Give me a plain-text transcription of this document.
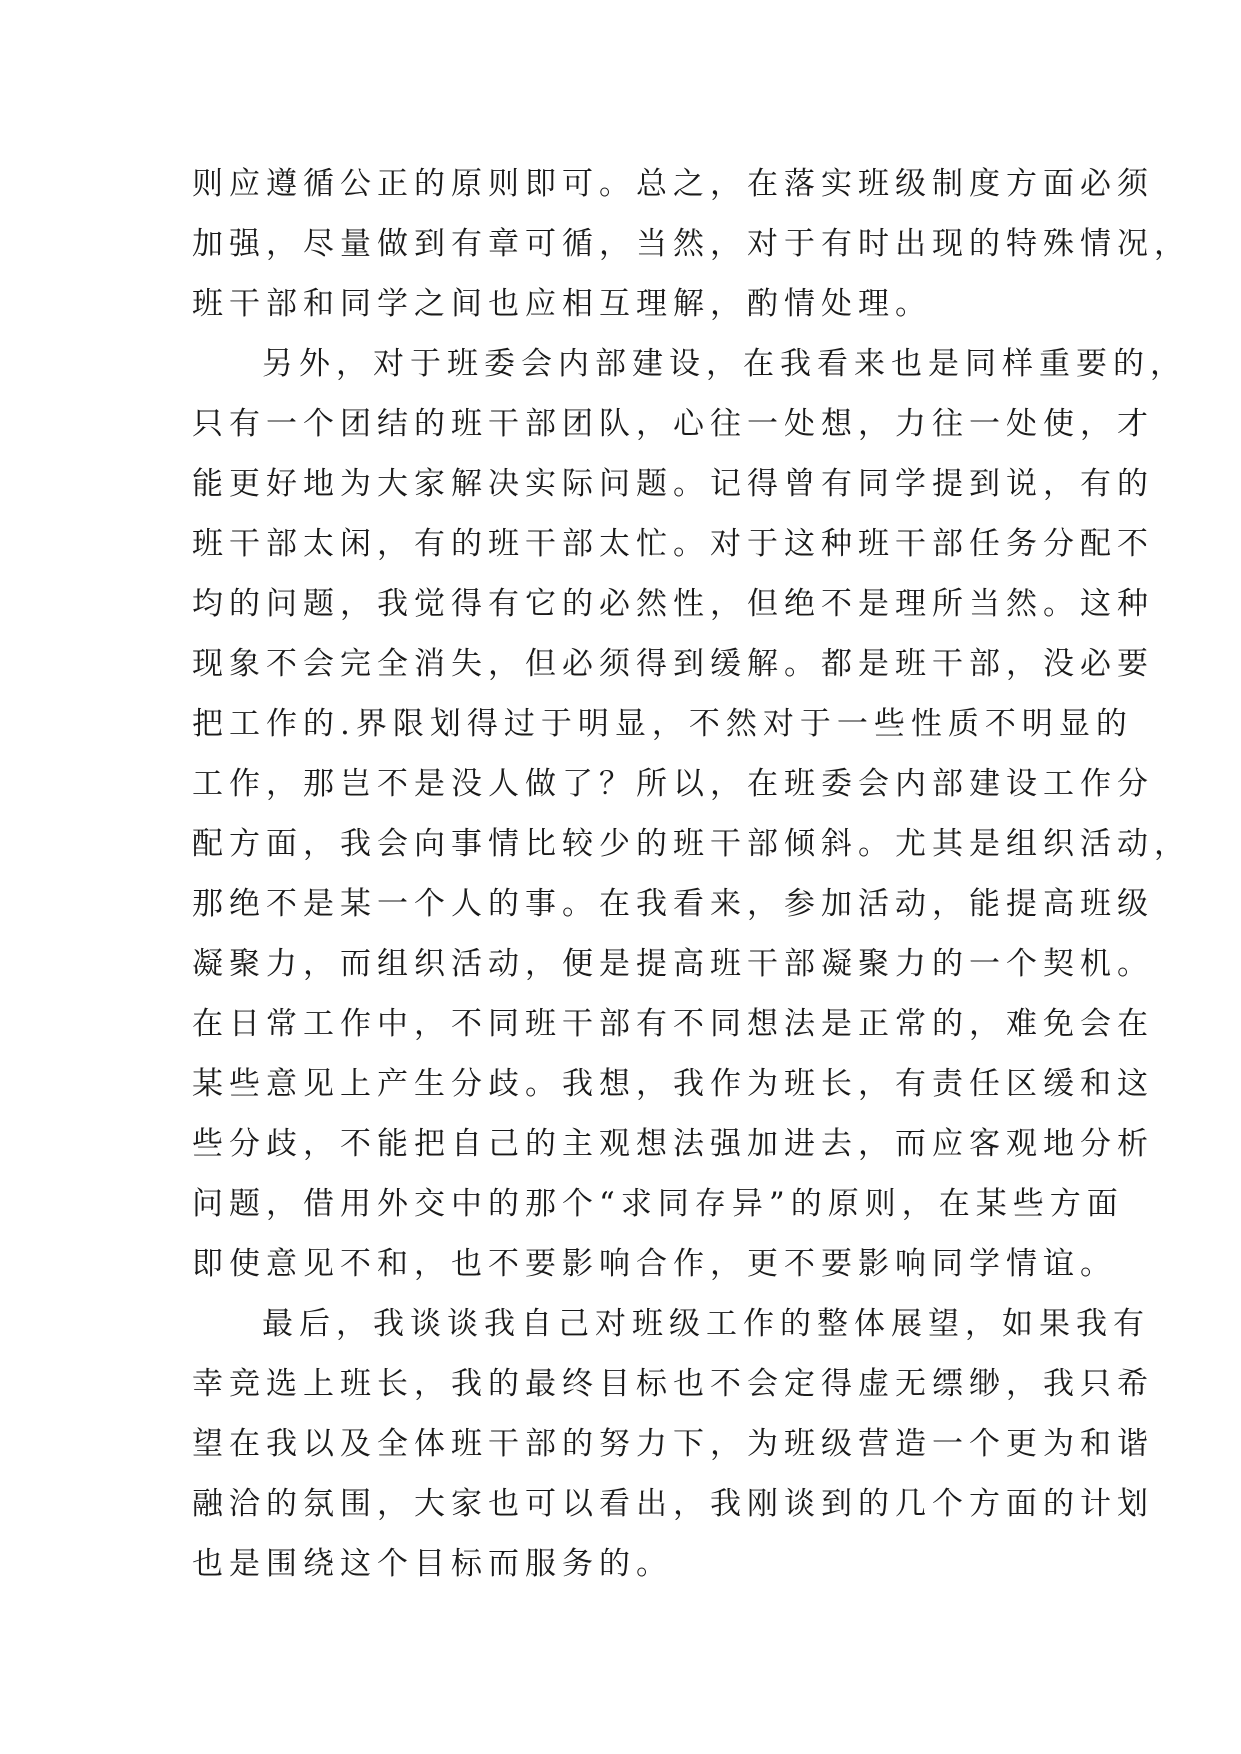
则应遵循公正的原则即可。总之，在落实班级制度方面必须
加强，尽量做到有章可循，当然，对于有时出现的特殊情况，
班干部和同学之间也应相互理解，酌情处理。
另外，对于班委会内部建设，在我看来也是同样重要的，
只有一个团结的班干部团队，心往一处想，力往一处使，才
能更好地为大家解决实际问题。记得曾有同学提到说，有的
班干部太闲，有的班干部太忙。对于这种班干部任务分配不
均的问题，我觉得有它的必然性，但绝不是理所当然。这种
现象不会完全消失，但必须得到缓解。都是班干部，没必要
把工作的.界限划得过于明显，不然对于一些性质不明显的
工作，那岂不是没人做了？所以，在班委会内部建设工作分
配方面，我会向事情比较少的班干部倾斜。尤其是组织活动，
那绝不是某一个人的事。在我看来，参加活动，能提高班级
凝聚力，而组织活动，便是提高班干部凝聚力的一个契机。
在日常工作中，不同班干部有不同想法是正常的，难免会在
某些意见上产生分歧。我想，我作为班长，有责任区缓和这
些分歧，不能把自己的主观想法强加进去，而应客观地分析
问题，借用外交中的那个“求同存异”的原则，在某些方面
即使意见不和，也不要影响合作，更不要影响同学情谊。
最后，我谈谈我自己对班级工作的整体展望，如果我有
幸竞选上班长，我的最终目标也不会定得虚无缥缈，我只希
望在我以及全体班干部的努力下，为班级营造一个更为和谐
融洽的氛围，大家也可以看出，我刚谈到的几个方面的计划
也是围绕这个目标而服务的。
